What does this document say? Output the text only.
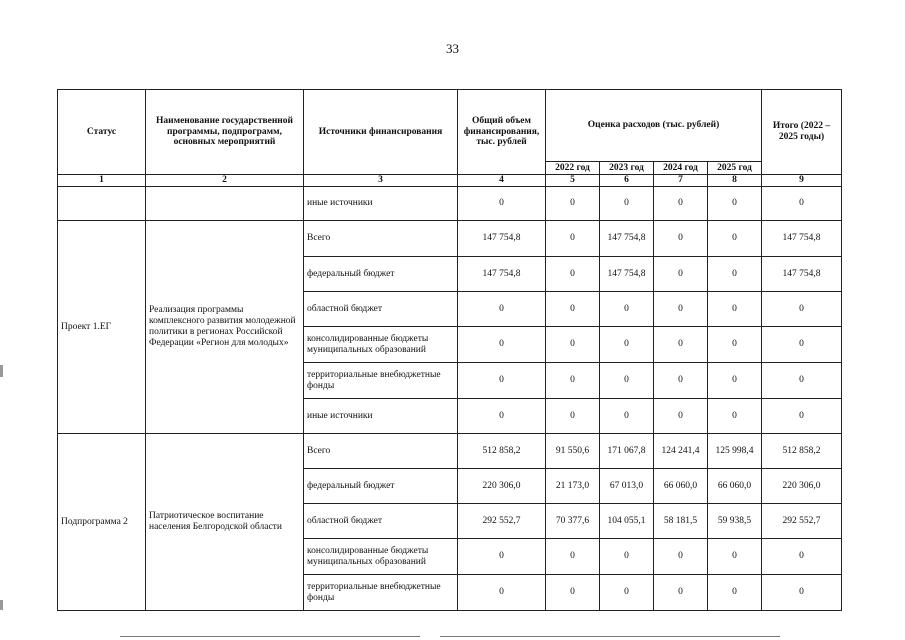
33
Статус	Наименование государственной программы, подпрограмм, основных мероприятий	Источники финансирования	Общий объем финансирования, тыс. рублей	Оценка расходов (тыс. рублей)				Итого (2022 – 2025 годы)
				2022 год	2023 год	2024 год	2025 год	
1	2	3	4	5	6	7	8	9
		иные источники	0	0	0	0	0	0
Проект 1.ЕГ	Реализация программы комплексного развития молодежной политики в регионах Российской Федерации «Регион для молодых»	Всего	147 754,8	0	147 754,8	0	0	147 754,8
		федеральный бюджет	147 754,8	0	147 754,8	0	0	147 754,8
		областной бюджет	0	0	0	0	0	0
		консолидированные бюджеты муниципальных образований	0	0	0	0	0	0
		территориальные внебюджетные фонды	0	0	0	0	0	0
		иные источники	0	0	0	0	0	0
Подпрограмма 2	Патриотическое воспитание населения Белгородской области	Всего	512 858,2	91 550,6	171 067,8	124 241,4	125 998,4	512 858,2
		федеральный бюджет	220 306,0	21 173,0	67 013,0	66 060,0	66 060,0	220 306,0
		областной бюджет	292 552,7	70 377,6	104 055,1	58 181,5	59 938,5	292 552,7
		консолидированные бюджеты муниципальных образований	0	0	0	0	0	0
		территориальные внебюджетные фонды	0	0	0	0	0	0
